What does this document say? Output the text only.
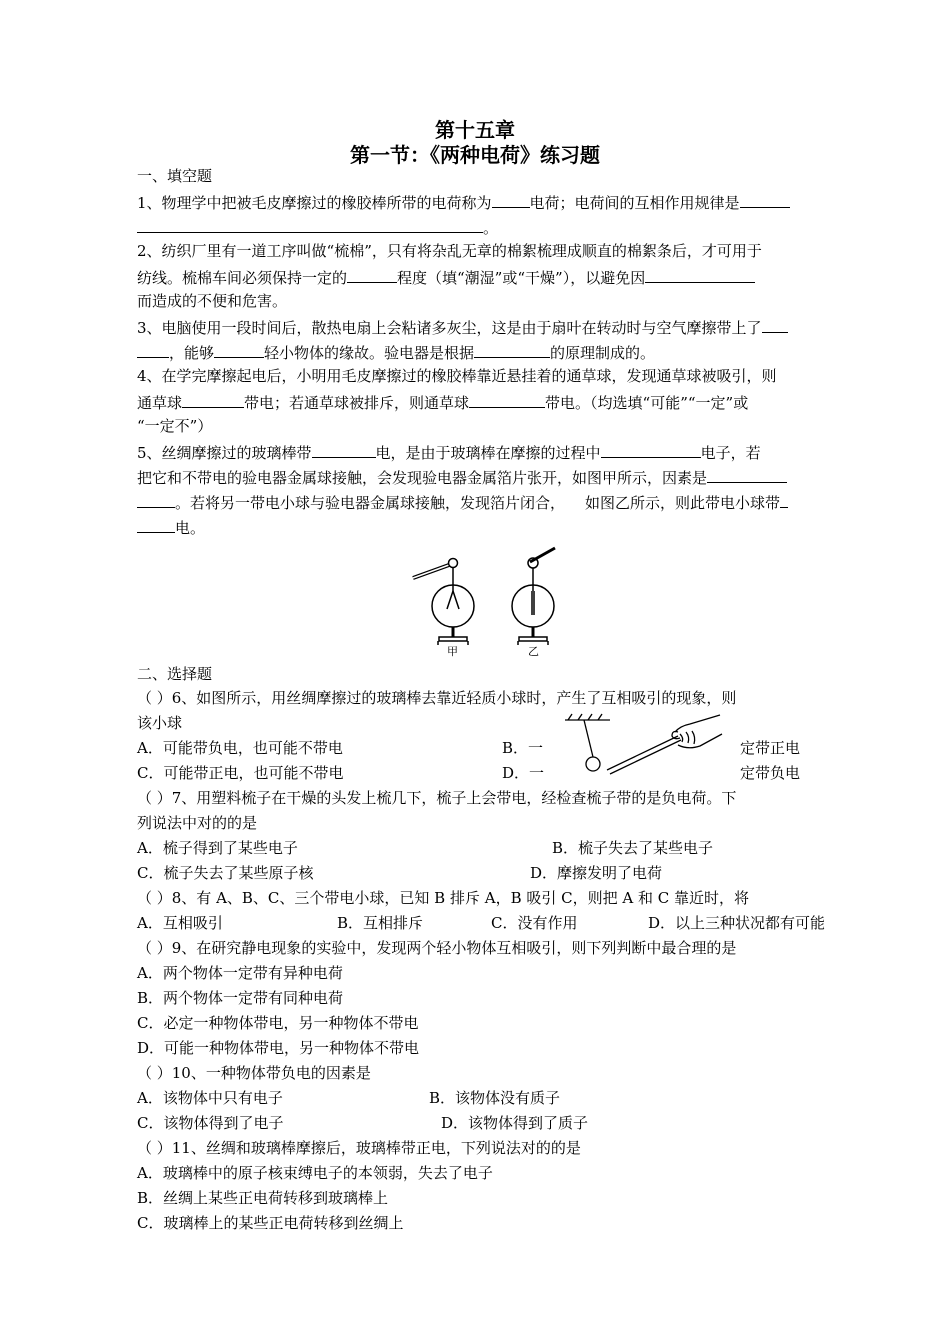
第十五章
第一节：《两种电荷》练习题
一、填空题
1、物理学中把被毛皮摩擦过的橡胶棒所带的电荷称为	电荷；电荷间的互相作用规律是
。
2、纺织厂里有一道工序叫做“梳棉”，只有将杂乱无章的棉絮梳理成顺直的棉絮条后，才可用于
纺线。梳棉车间必须保持一定的	程度（填“潮湿”或“干燥”），以避免因
而造成的不便和危害。
3、电脑使用一段时间后，散热电扇上会粘诸多灰尘，这是由于扇叶在转动时与空气摩擦带上了
，能够	轻小物体的缘故。验电器是根据	的原理制成的。
4、在学完摩擦起电后，小明用毛皮摩擦过的橡胶棒靠近悬挂着的通草球，发现通草球被吸引，则
通草球	带电；若通草球被排斥，则通草球	带电。（均选填“可能”“一定”或
“一定不”）
5、丝绸摩擦过的玻璃棒带	电，是由于玻璃棒在摩擦的过程中	电子，若
把它和不带电的验电器金属球接触，会发现验电器金属箔片张开，如图甲所示，因素是
。若将另一带电小球与验电器金属球接触，发现箔片闭合， 如图乙所示，则此带电小球带
电。
甲	乙
二、选择题
（ ）6、如图所示，用丝绸摩擦过的玻璃棒去靠近轻质小球时，产生了互相吸引的现象，则
该小球
A．可能带负电，也可能不带电	B．一	定带正电
C．可能带正电，也可能不带电	D．一	定带负电
（ ）7、用塑料梳子在干燥的头发上梳几下，梳子上会带电，经检查梳子带的是负电荷。下
列说法中对的的是
A．梳子得到了某些电子	B．梳子失去了某些电子
C．梳子失去了某些原子核	D．摩擦发明了电荷
（ ）8、有 A、B、C、三个带电小球，已知 B 排斥 A，B 吸引 C，则把 A 和 C 靠近时，将
A．互相吸引	B．互相排斥	C．没有作用	D．以上三种状况都有可能
（ ）9、在研究静电现象的实验中，发现两个轻小物体互相吸引，则下列判断中最合理的是
A．两个物体一定带有异种电荷
B．两个物体一定带有同种电荷
C．必定一种物体带电，另一种物体不带电
D．可能一种物体带电，另一种物体不带电
（ ）10、一种物体带负电的因素是
A．该物体中只有电子	B．该物体没有质子
C．该物体得到了电子	D．该物体得到了质子
（ ）11、丝绸和玻璃棒摩擦后，玻璃棒带正电，下列说法对的的是
A．玻璃棒中的原子核束缚电子的本领弱，失去了电子
B．丝绸上某些正电荷转移到玻璃棒上
C．玻璃棒上的某些正电荷转移到丝绸上
